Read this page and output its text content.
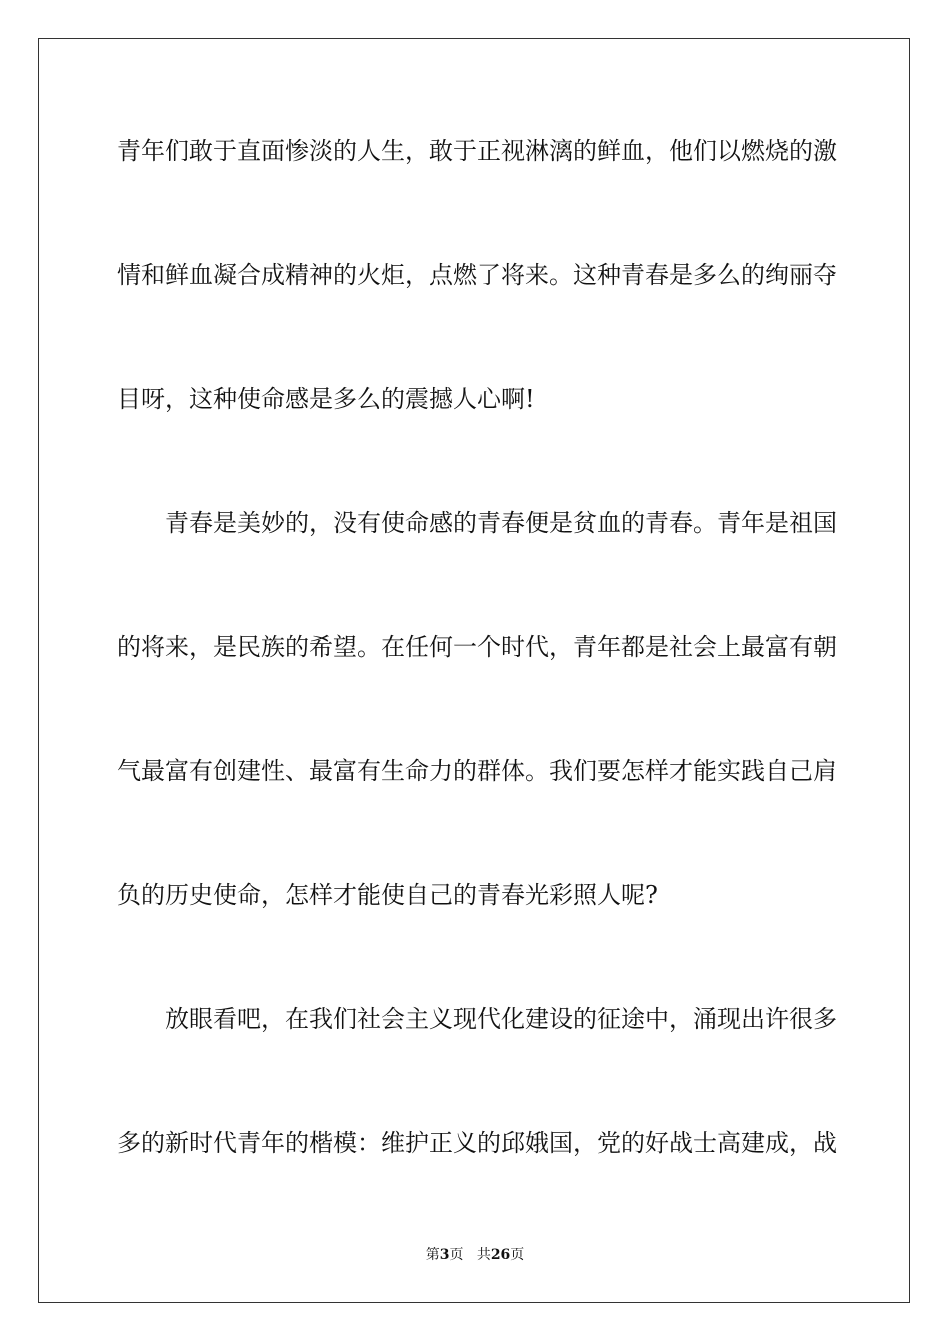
青年们敢于直面惨淡的人生，敢于正视淋漓的鲜血，他们以燃烧的激
情和鲜血凝合成精神的火炬，点燃了将来。这种青春是多么的绚丽夺
目呀，这种使命感是多么的震撼人心啊!
青春是美妙的，没有使命感的青春便是贫血的青春。青年是祖国
的将来，是民族的希望。在任何一个时代，青年都是社会上最富有朝
气最富有创建性、最富有生命力的群体。我们要怎样才能实践自己肩
负的历史使命，怎样才能使自己的青春光彩照人呢?
放眼看吧，在我们社会主义现代化建设的征途中，涌现出许很多
多的新时代青年的楷模：维护正义的邱娥国，党的好战士高建成，战
第3页 共26页
